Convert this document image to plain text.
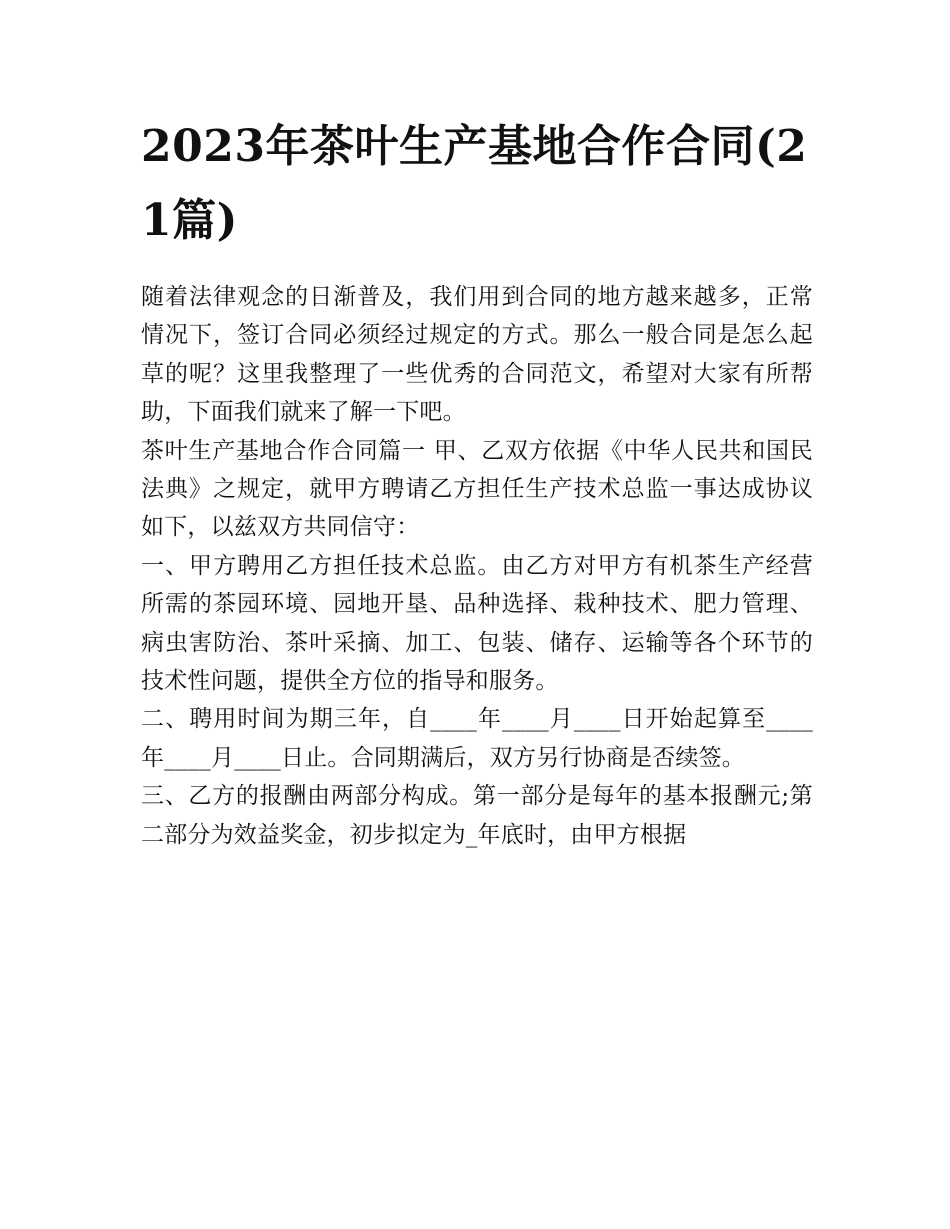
2023年茶叶生产基地合作合同(21篇)

随着法律观念的日渐普及，我们用到合同的地方越来越多，正常情况下，签订合同必须经过规定的方式。那么一般合同是怎么起草的呢？这里我整理了一些优秀的合同范文，希望对大家有所帮助，下面我们就来了解一下吧。

茶叶生产基地合作合同篇一 甲、乙双方依据《中华人民共和国民法典》之规定，就甲方聘请乙方担任生产技术总监一事达成协议如下，以兹双方共同信守：

一、甲方聘用乙方担任技术总监。由乙方对甲方有机茶生产经营所需的茶园环境、园地开垦、品种选择、栽种技术、肥力管理、病虫害防治、茶叶采摘、加工、包装、储存、运输等各个环节的技术性问题，提供全方位的指导和服务。

二、聘用时间为期三年，自____年____月____日开始起算至____年____月____日止。合同期满后，双方另行协商是否续签。

三、乙方的报酬由两部分构成。第一部分是每年的基本报酬元;第二部分为效益奖金，初步拟定为_年底时，由甲方根据
